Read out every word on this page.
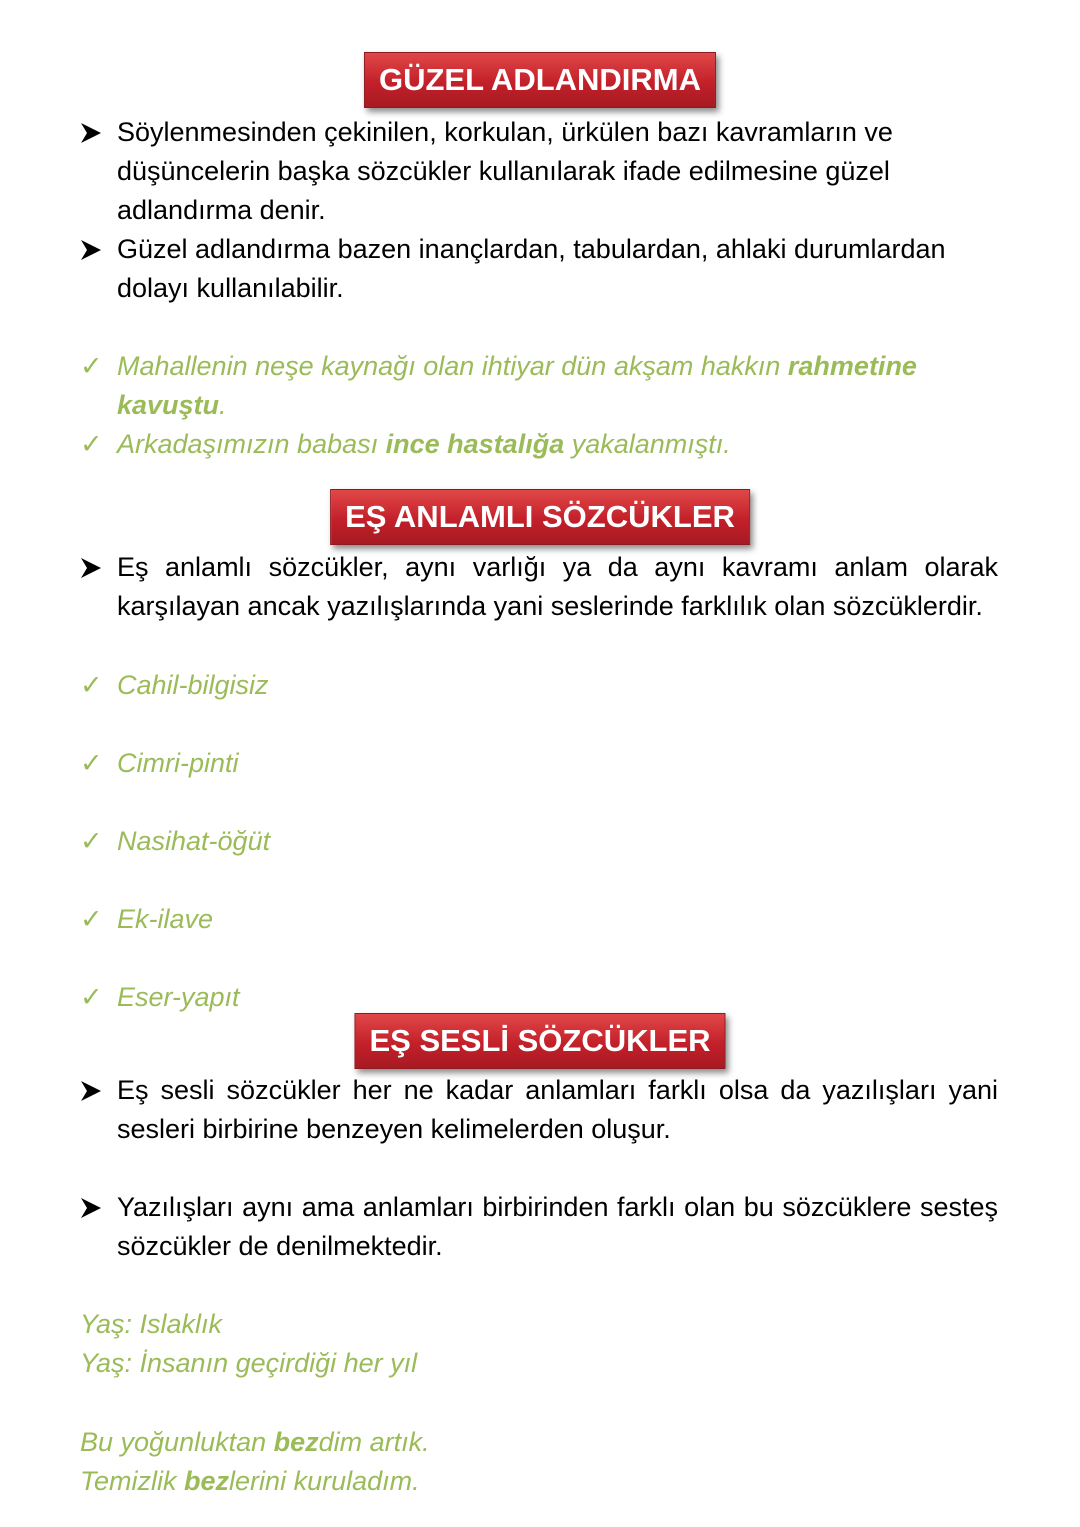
GÜZEL ADLANDIRMA
Söylenmesinden çekinilen, korkulan, ürkülen bazı kavramların ve düşüncelerin başka sözcükler kullanılarak ifade edilmesine güzel adlandırma denir.
Güzel adlandırma bazen inançlardan, tabulardan, ahlaki durumlardan dolayı kullanılabilir.
✓ Mahallenin neşe kaynağı olan ihtiyar dün akşam hakkın rahmetine kavuştu.
✓ Arkadaşımızın babası ince hastalığa yakalanmıştı.
EŞ ANLAMLI SÖZCÜKLER
Eş anlamlı sözcükler, aynı varlığı ya da aynı kavramı anlam olarak karşılayan ancak yazılışlarında yani seslerinde farklılık olan sözcüklerdir.
✓ Cahil-bilgisiz
✓ Cimri-pinti
✓ Nasihat-öğüt
✓ Ek-ilave
✓ Eser-yapıt
EŞ SESLİ SÖZCÜKLER
Eş sesli sözcükler her ne kadar anlamları farklı olsa da yazılışları yani sesleri birbirine benzeyen kelimelerden oluşur.
Yazılışları aynı ama anlamları birbirinden farklı olan bu sözcüklere sesteş sözcükler de denilmektedir.
Yaş: Islaklık
Yaş: İnsanın geçirdiği her yıl
Bu yoğunluktan bezdim artık.
Temizlik bezlerini kuruladım.
